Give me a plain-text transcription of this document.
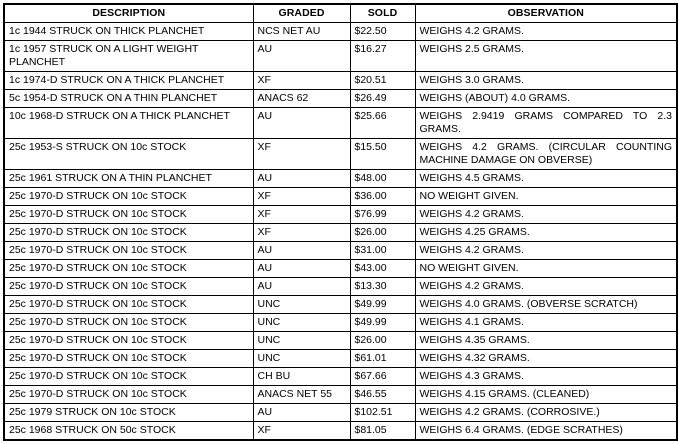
DESCRIPTION	GRADED	SOLD	OBSERVATION
1c 1944 STRUCK ON THICK PLANCHET	NCS NET AU	$22.50	WEIGHS 4.2 GRAMS.
1c 1957 STRUCK ON A LIGHT WEIGHT PLANCHET	AU	$16.27	WEIGHS 2.5 GRAMS.
1c 1974-D STRUCK ON A THICK PLANCHET	XF	$20.51	WEIGHS 3.0 GRAMS.
5c 1954-D STRUCK ON A THIN PLANCHET	ANACS 62	$26.49	WEIGHS (ABOUT) 4.0 GRAMS.
10c 1968-D STRUCK ON A THICK PLANCHET	AU	$25.66	WEIGHS 2.9419 GRAMS COMPARED TO 2.3 GRAMS.
25c 1953-S STRUCK ON 10c STOCK	XF	$15.50	WEIGHS 4.2 GRAMS. (CIRCULAR COUNTING MACHINE DAMAGE ON OBVERSE)
25c 1961 STRUCK ON A THIN PLANCHET	AU	$48.00	WEIGHS 4.5 GRAMS.
25c 1970-D STRUCK ON 10c STOCK	XF	$36.00	NO WEIGHT GIVEN.
25c 1970-D STRUCK ON 10c STOCK	XF	$76.99	WEIGHS 4.2 GRAMS.
25c 1970-D STRUCK ON 10c STOCK	XF	$26.00	WEIGHS 4.25 GRAMS.
25c 1970-D STRUCK ON 10c STOCK	AU	$31.00	WEIGHS 4.2 GRAMS.
25c 1970-D STRUCK ON 10c STOCK	AU	$43.00	NO WEIGHT GIVEN.
25c 1970-D STRUCK ON 10c STOCK	AU	$13.30	WEIGHS 4.2 GRAMS.
25c 1970-D STRUCK ON 10c STOCK	UNC	$49.99	WEIGHS 4.0 GRAMS. (OBVERSE SCRATCH)
25c 1970-D STRUCK ON 10c STOCK	UNC	$49.99	WEIGHS 4.1 GRAMS.
25c 1970-D STRUCK ON 10c STOCK	UNC	$26.00	WEIGHS 4.35 GRAMS.
25c 1970-D STRUCK ON 10c STOCK	UNC	$61.01	WEIGHS 4.32 GRAMS.
25c 1970-D STRUCK ON 10c STOCK	CH BU	$67.66	WEIGHS 4.3 GRAMS.
25c 1970-D STRUCK ON 10c STOCK	ANACS NET 55	$46.55	WEIGHS 4.15 GRAMS. (CLEANED)
25c 1979 STRUCK ON 10c STOCK	AU	$102.51	WEIGHS 4.2 GRAMS. (CORROSIVE.)
25c 1968 STRUCK ON 50c STOCK	XF	$81.05	WEIGHS 6.4 GRAMS. (EDGE SCRATHES)
